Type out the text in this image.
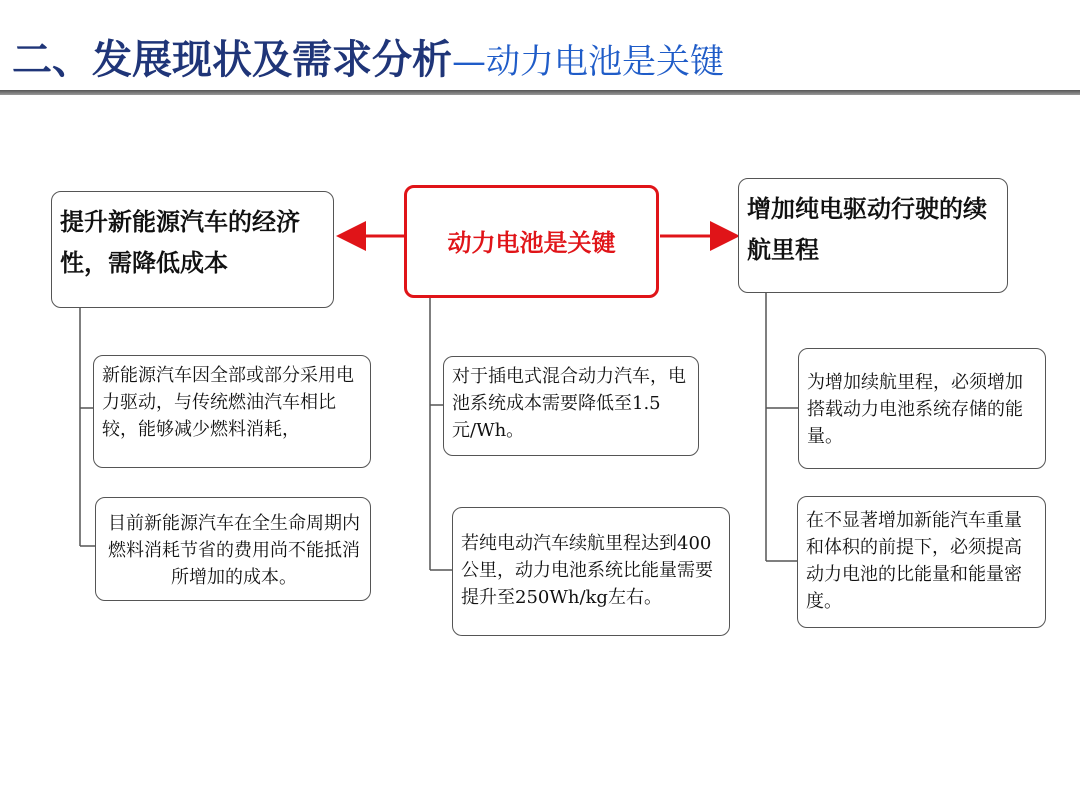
二、发展现状及需求分析—动力电池是关键
提升新能源汽车的经济性，需降低成本
动力电池是关键
增加纯电驱动行驶的续航里程
新能源汽车因全部或部分采用电力驱动，与传统燃油汽车相比较，能够减少燃料消耗，
目前新能源汽车在全生命周期内燃料消耗节省的费用尚不能抵消所增加的成本。
对于插电式混合动力汽车，电池系统成本需要降低至1.5元/Wh。
若纯电动汽车续航里程达到400公里，动力电池系统比能量需要提升至250Wh/kg左右。
为增加续航里程，必须增加搭载动力电池系统存储的能量。
在不显著增加新能汽车重量和体积的前提下，必须提高动力电池的比能量和能量密度。
